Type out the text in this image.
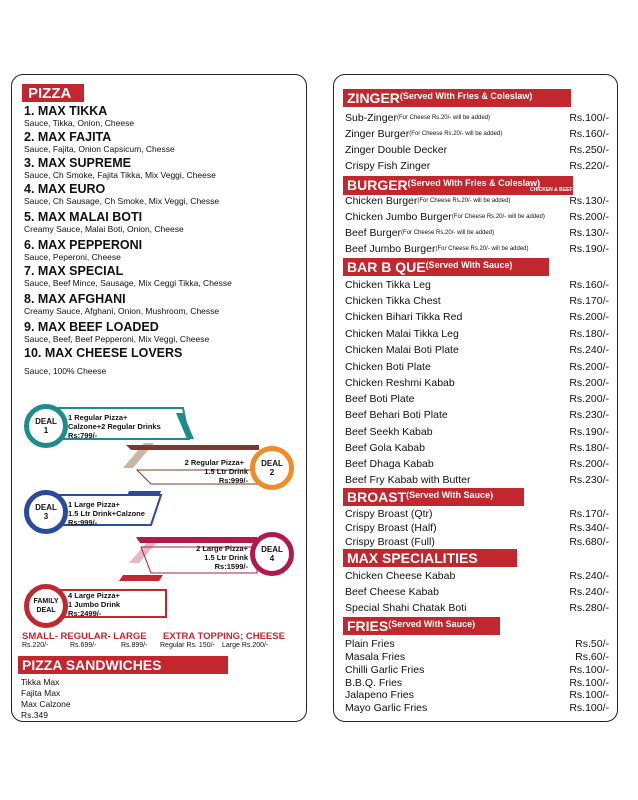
PIZZA
1. MAX TIKKA
Sauce, Tikka, Onion, Cheese
2. MAX FAJITA
Sauce, Fajita, Onion Capsicum, Chesse
3. MAX SUPREME
Sauce, Ch Smoke, Fajita Tikka, Mix Veggi, Cheese
4. MAX EURO
Sauce, Ch Sausage, Ch Smoke, Mix Veggi, Chesse
5. MAX MALAI BOTI
Creamy Sauce, Malai Boti, Onion, Cheese
6. MAX PEPPERONI
Sauce, Peperoni, Cheese
7. MAX SPECIAL
Sauce, Beef Mince, Sausage, Mix Ceggi Tikka, Chesse
8. MAX AFGHANI
Creamy Sauce, Afghani, Onion, Mushroom, Chesse
9. MAX BEEF LOADED
Sauce, Beef, Beef Pepperoni, Mix Veggi, Cheese
10. MAX CHEESE LOVERS
Sauce, 100% Cheese
DEAL
1
DEAL
2
DEAL
3
DEAL
4
FAMILY
DEAL
1 Regular Pizza+
Calzone+2 Regular Drinks
Rs:799/-
2 Regular Pizza+
1.5 Ltr Drink
Rs:999/-
1 Large Pizza+
1.5 Ltr Drink+Calzone
Rs:999/-
2 Large Pizza+
1.5 Ltr Drink
Rs:1599/-
4 Large Pizza+
1 Jumbo Drink
Rs:2499/-
SMALL- REGULAR- LARGE
Rs.220/-	Rs.699/-	Rs.899/-
EXTRA TOPPING; CHEESE
Regular Rs. 150/- Large Rs.200/-
PIZZA SANDWICHES
Tikka Max
Fajita Max
Max Calzone
Rs.349
$ZINGER^{(Served With Fries \& Coleslaw)}$
Sub-Zinger$^{(For Cheese Rs.20/- will be added)}$	Rs.100/-
Zinger Burger$^{(For Cheese Rs.20/- will be added)}$	Rs.160/-
Zinger Double Decker	Rs.250/-
Crispy Fish Zinger	Rs.220/-
$BURGER^{(Served With Fries \& Coleslaw)}$
CHICKEN & BEEF
Chicken Burger$^{(For Cheese Rs.20/- will be added)}$	Rs.130/-
Chicken Jumbo Burger$^{(For Cheese Rs.20/- will be added)}$ Rs.200/-
Beef Burger$^{(For Cheese Rs.20/- will be added)}$	Rs.130/-
Beef Jumbo Burger$^{(For Cheese Rs.20/- will be added)}$	Rs.190/-
BAR B $QUE^{(Served With Sauce)}$
Chicken Tikka Leg	Rs.160/-
Chicken Tikka Chest	Rs.170/-
Chicken Bihari Tikka Red	Rs.200/-
Chicken Malai Tikka Leg	Rs.180/-
Chicken Malai Boti Plate	Rs.240/-
Chicken Boti Plate	Rs.200/-
Chicken Reshmi Kabab	Rs.200/-
Beef Boti Plate	Rs.200/-
Beef Behari Boti Plate	Rs.230/-
Beef Seekh Kabab	Rs.190/-
Beef Gola Kabab	Rs.180/-
Beef Dhaga Kabab	Rs.200/-
Beef Fry Kabab with Butter	Rs.230/-
$BROAST^{(Served With Sauce)}$
Crispy Broast (Qtr)	Rs.170/-
Crispy Broast (Half)	Rs.340/-
Crispy Broast (Full)	Rs.680/-
MAX SPECIALITIES
Chicken Cheese Kabab	Rs.240/-
Beef Cheese Kabab	Rs.240/-
Special Shahi Chatak Boti	Rs.280/-
$FRIES^{(Served With Sauce)}$
Plain Fries	Rs.50/-
Masala Fries	Rs.60/-
Chilli Garlic Fries	Rs.100/-
B.B.Q. Fries	Rs.100/-
Jalapeno Fries	Rs.100/-
Mayo Garlic Fries	Rs.100/-
